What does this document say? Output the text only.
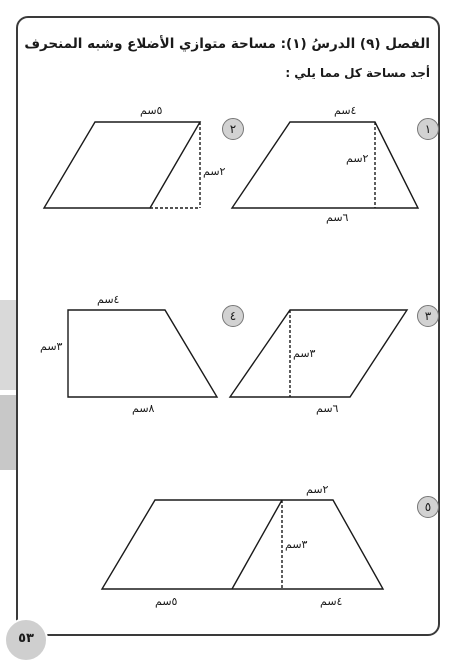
الفصل (٩) الدرسُ (١): مساحة متوازي الأضلاع وشبه المنحرف
أجد مساحة كل مما يلي :
١
٢
٣
٤
٥
٤سم
٢سم
٦سم
٥سم
٢سم
٣سم
٦سم
٤سم
٣سم
٨سم
٢سم
٣سم
٥سم	٤سم
٥٣
